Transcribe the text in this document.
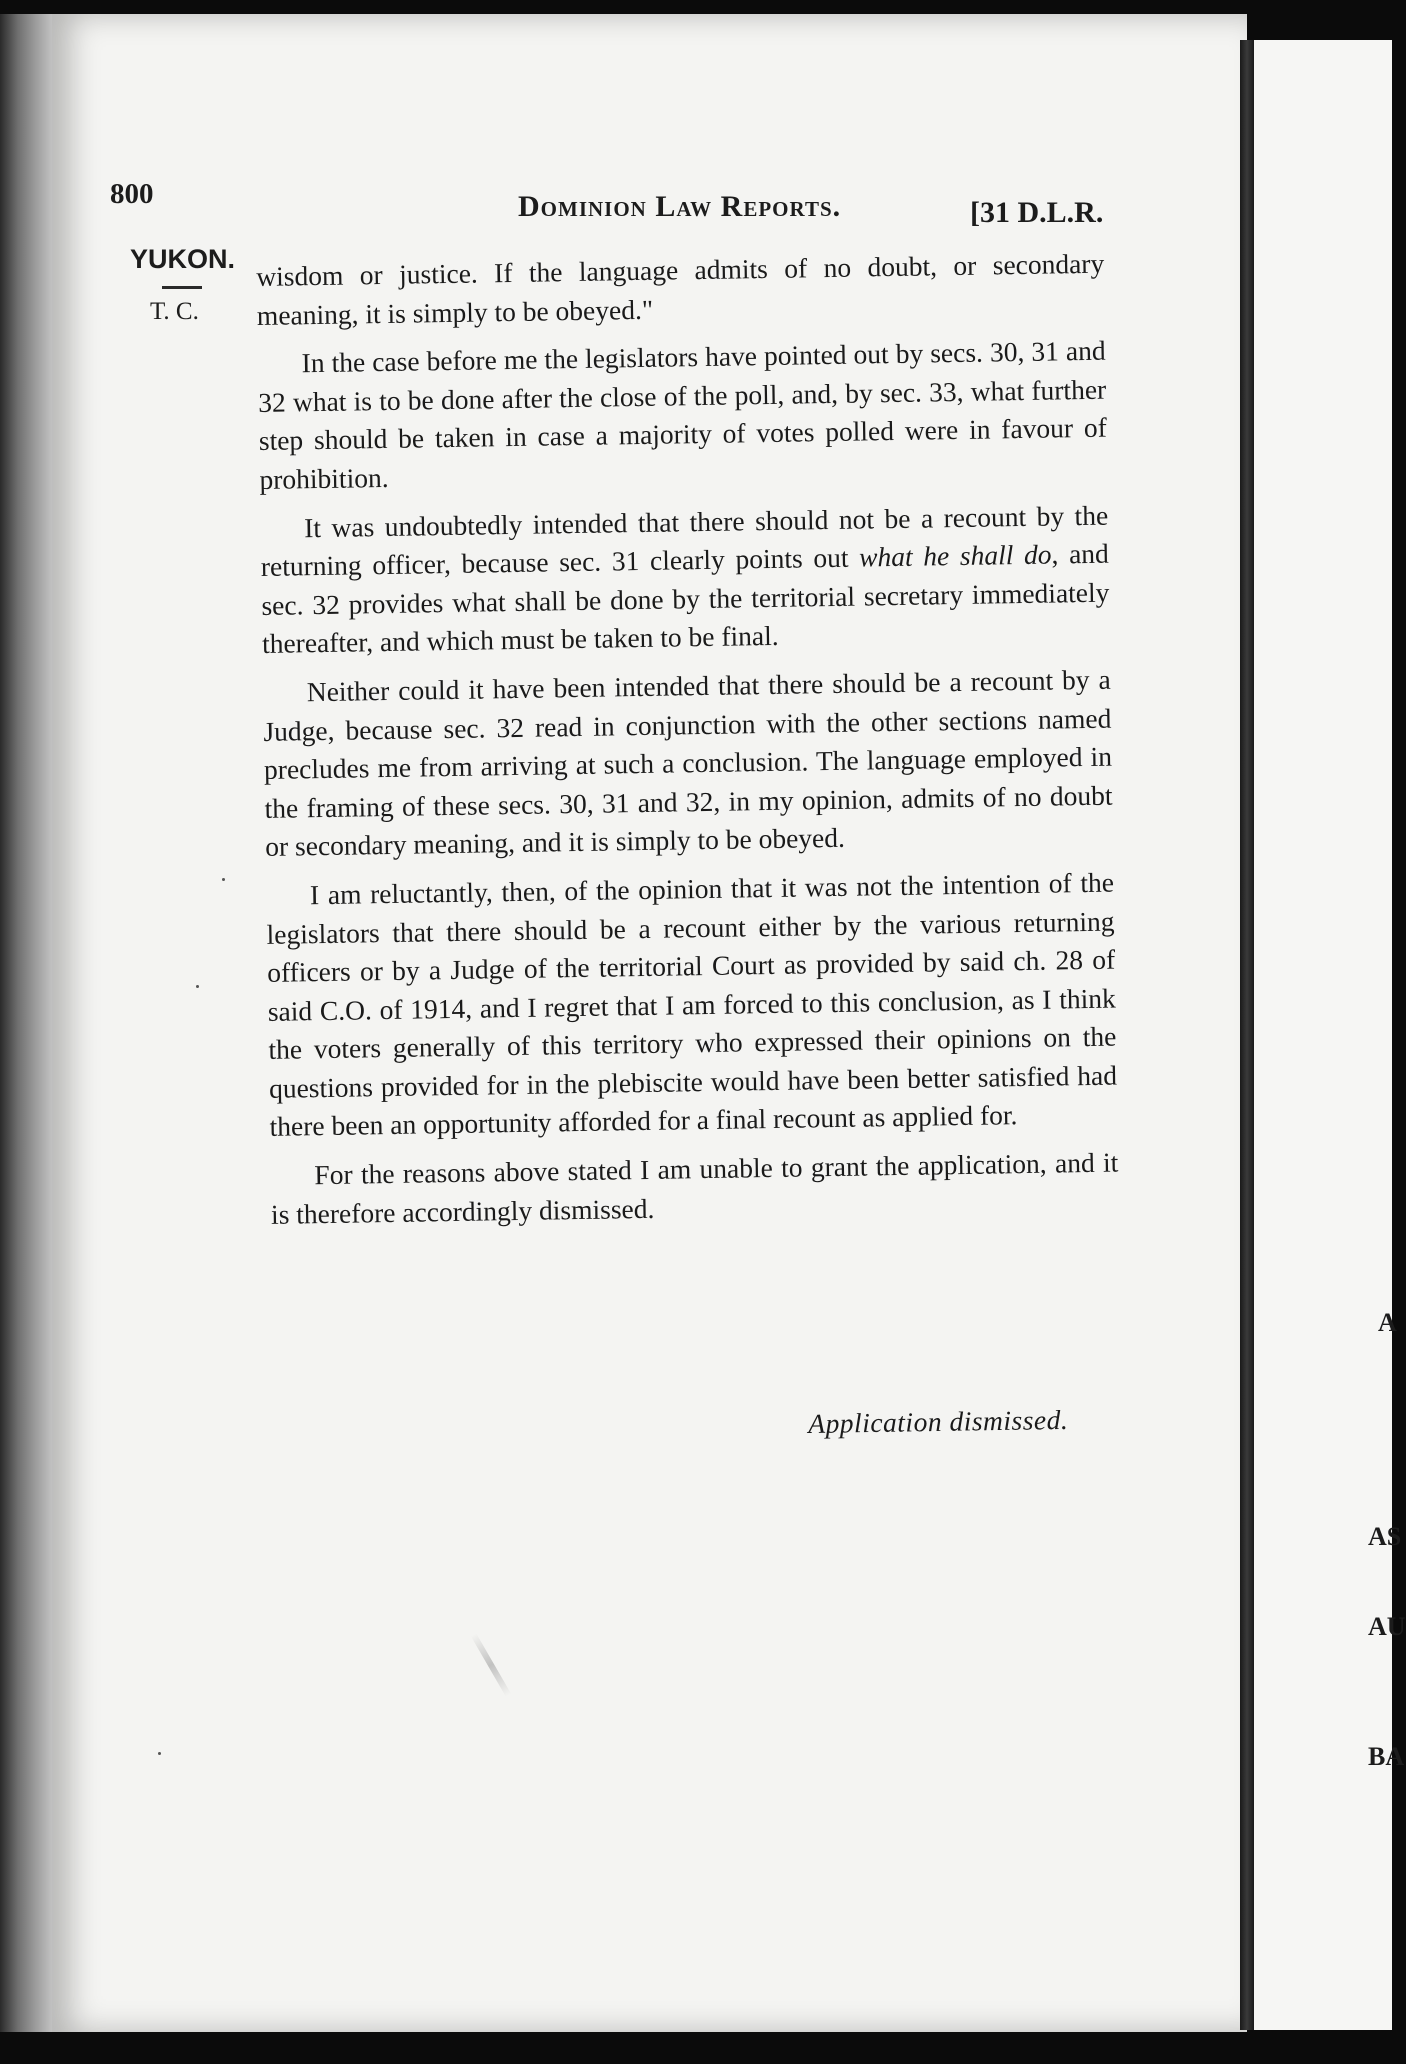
800	Dominion Law Reports.	[31 D.L.R.
YUKON.
T. C.

wisdom or justice. If the language admits of no doubt, or secondary meaning, it is simply to be obeyed."

In the case before me the legislators have pointed out by secs. 30, 31 and 32 what is to be done after the close of the poll, and, by sec. 33, what further step should be taken in case a majority of votes polled were in favour of prohibition.

It was undoubtedly intended that there should not be a recount by the returning officer, because sec. 31 clearly points out what he shall do, and sec. 32 provides what shall be done by the territorial secretary immediately thereafter, and which must be taken to be final.

Neither could it have been intended that there should be a recount by a Judge, because sec. 32 read in conjunction with the other sections named precludes me from arriving at such a conclusion. The language employed in the framing of these secs. 30, 31 and 32, in my opinion, admits of no doubt or secondary meaning, and it is simply to be obeyed.

I am reluctantly, then, of the opinion that it was not the intention of the legislators that there should be a recount either by the various returning officers or by a Judge of the territorial Court as provided by said ch. 28 of said C.O. of 1914, and I regret that I am forced to this conclusion, as I think the voters generally of this territory who expressed their opinions on the questions provided for in the plebiscite would have been better satisfied had there been an opportunity afforded for a final recount as applied for.

For the reasons above stated I am unable to grant the application, and it is therefore accordingly dismissed.

Application dismissed.
A
AS
AU
BA
